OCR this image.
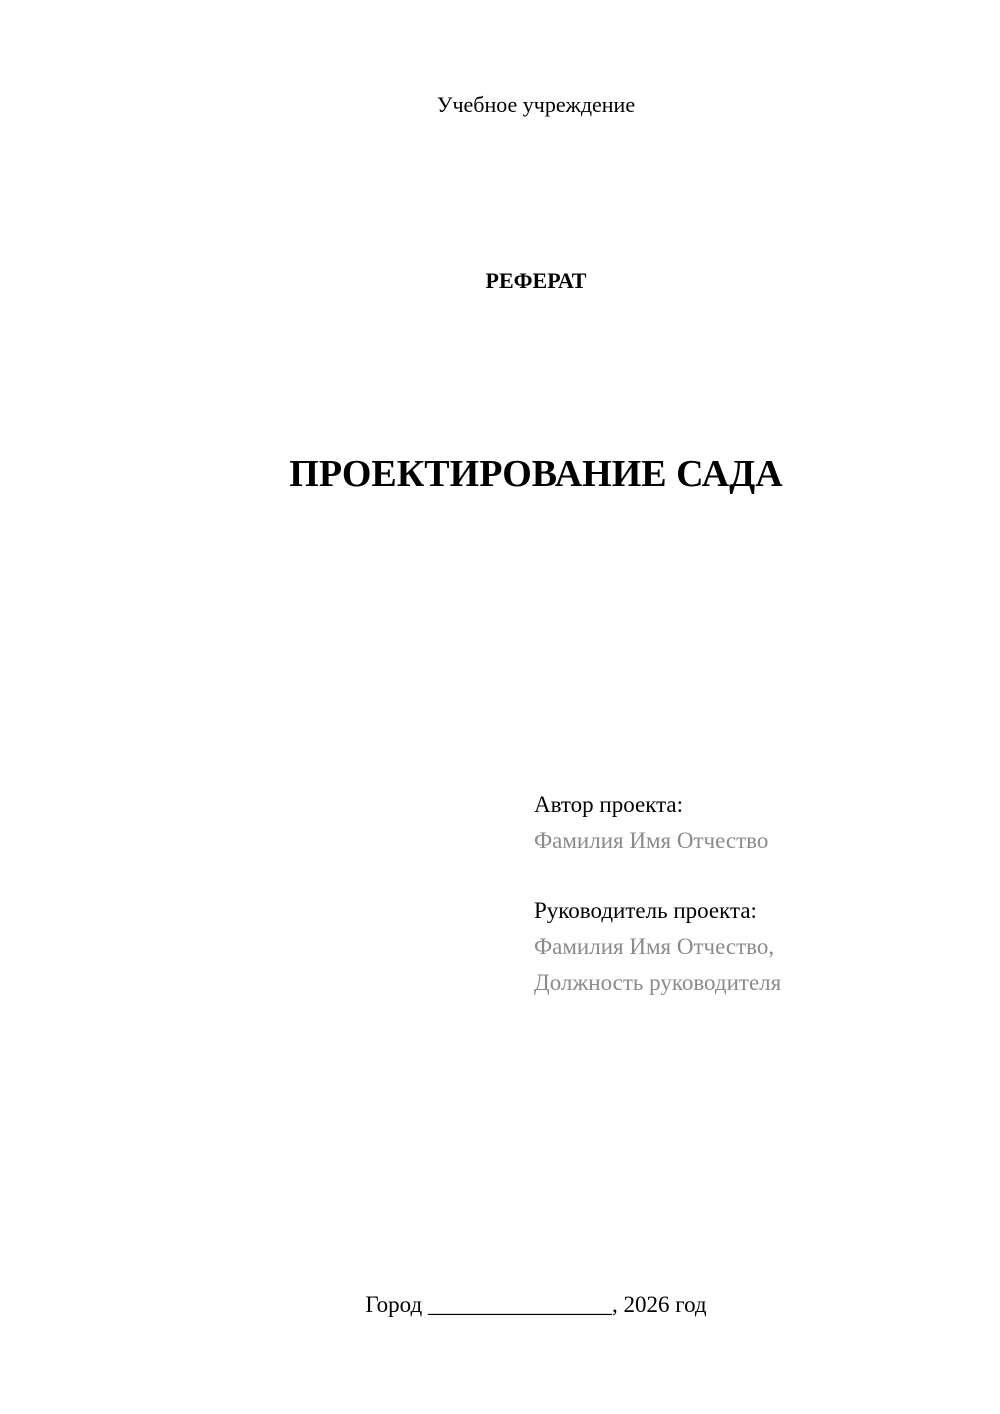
Учебное учреждение
РЕФЕРАТ
ПРОЕКТИРОВАНИЕ САДА
Автор проекта:
Фамилия Имя Отчество
Руководитель проекта:
Фамилия Имя Отчество,
Должность руководителя
Город ________________, 2026 год
